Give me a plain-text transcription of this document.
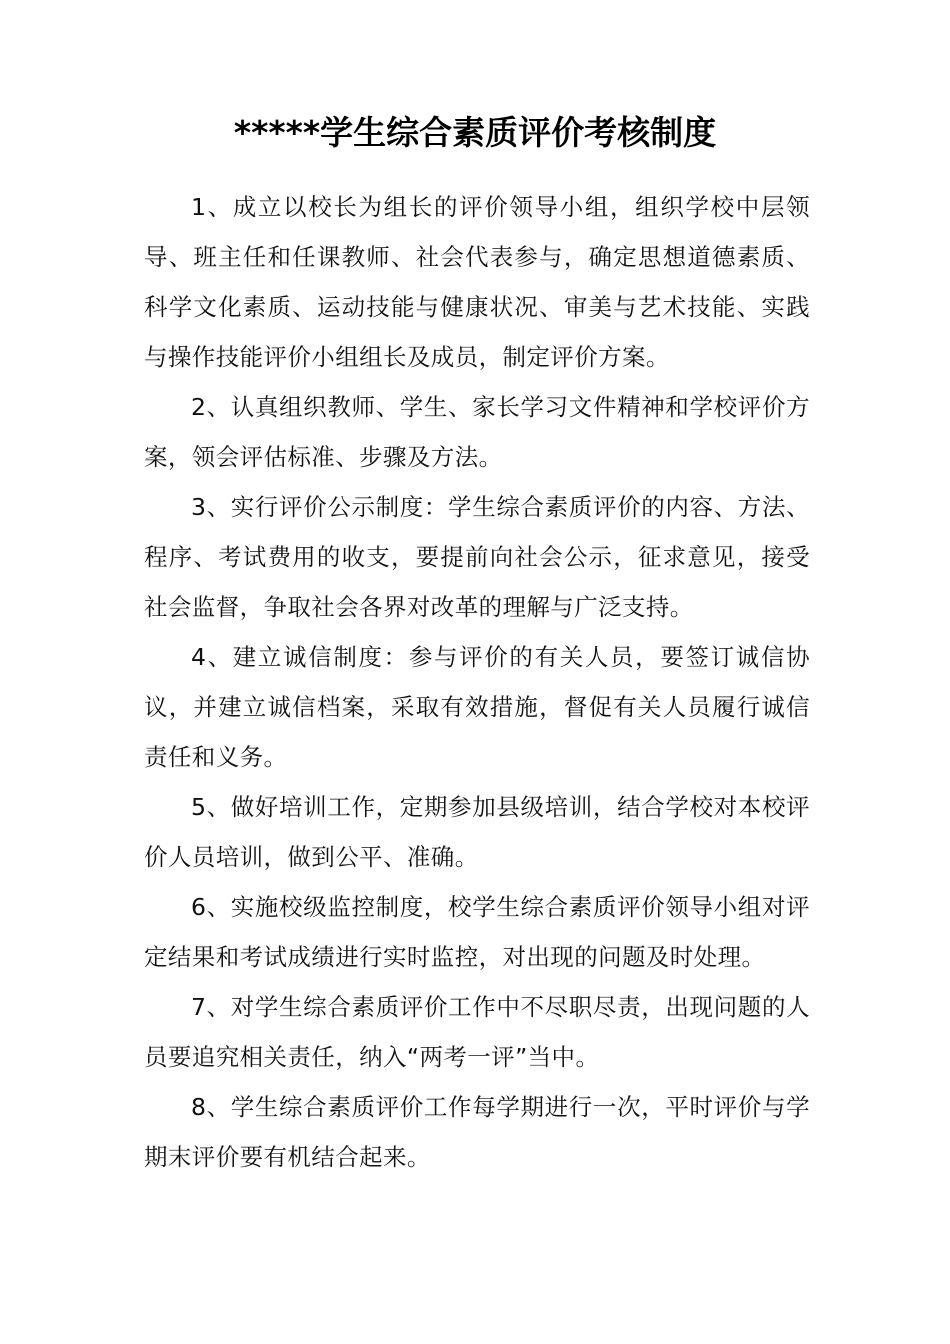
*****学生综合素质评价考核制度

1、成立以校长为组长的评价领导小组，组织学校中层领导、班主任和任课教师、社会代表参与，确定思想道德素质、科学文化素质、运动技能与健康状况、审美与艺术技能、实践与操作技能评价小组组长及成员，制定评价方案。

2、认真组织教师、学生、家长学习文件精神和学校评价方案，领会评估标准、步骤及方法。

3、实行评价公示制度：学生综合素质评价的内容、方法、程序、考试费用的收支，要提前向社会公示，征求意见，接受社会监督，争取社会各界对改革的理解与广泛支持。

4、建立诚信制度：参与评价的有关人员，要签订诚信协议，并建立诚信档案，采取有效措施，督促有关人员履行诚信责任和义务。

5、做好培训工作，定期参加县级培训，结合学校对本校评价人员培训，做到公平、准确。

6、实施校级监控制度，校学生综合素质评价领导小组对评定结果和考试成绩进行实时监控，对出现的问题及时处理。

7、对学生综合素质评价工作中不尽职尽责，出现问题的人员要追究相关责任，纳入“两考一评”当中。

8、学生综合素质评价工作每学期进行一次，平时评价与学期末评价要有机结合起来。
